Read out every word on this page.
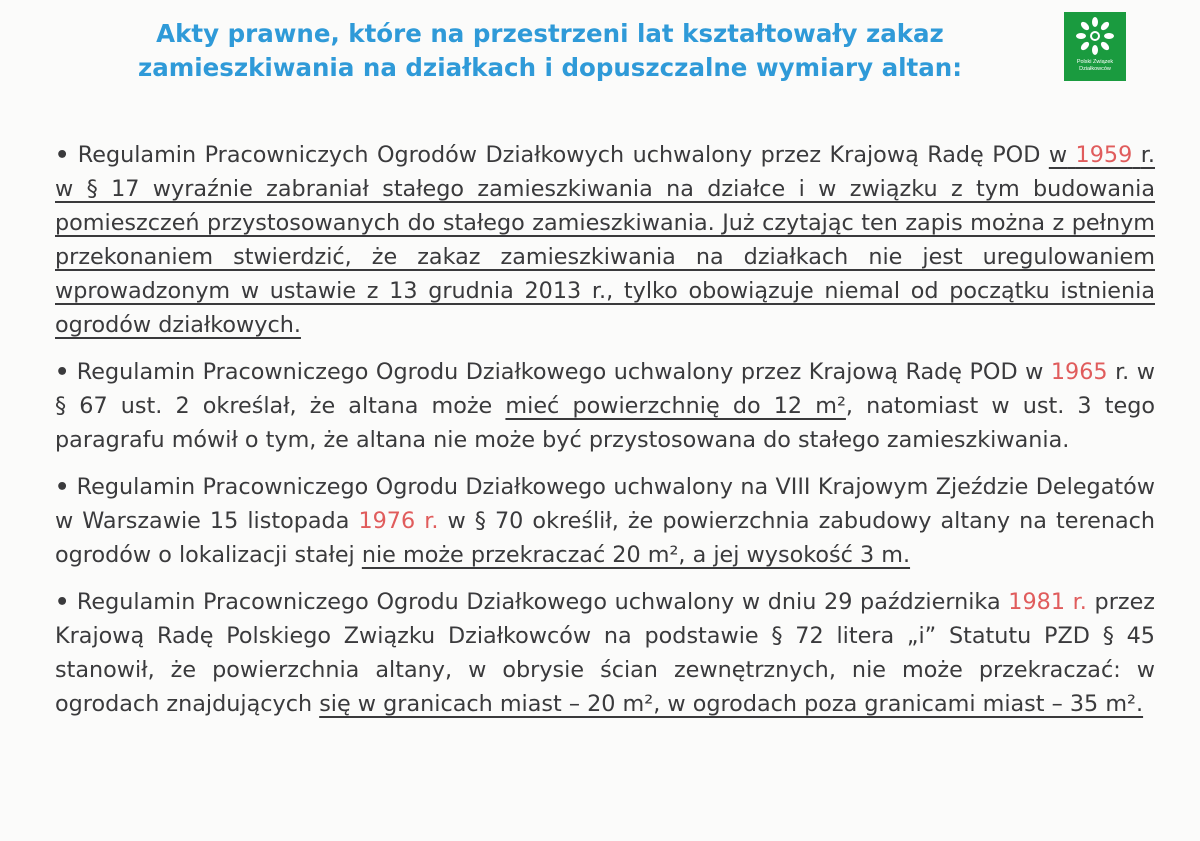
Akty prawne, które na przestrzeni lat kształtowały zakaz
zamieszkiwania na działkach i dopuszczalne wymiary altan:	Polski Związek Działkowców

• Regulamin Pracowniczych Ogrodów Działkowych uchwalony przez Krajową Radę POD w 1959 r. w § 17 wyraźnie zabraniał stałego zamieszkiwania na działce i w związku z tym budowania pomieszczeń przystosowanych do stałego zamieszkiwania. Już czytając ten zapis można z pełnym przekonaniem stwierdzić, że zakaz zamieszkiwania na działkach nie jest uregulowaniem wprowadzonym w ustawie z 13 grudnia 2013 r., tylko obowiązuje niemal od początku istnienia ogrodów działkowych.

• Regulamin Pracowniczego Ogrodu Działkowego uchwalony przez Krajową Radę POD w 1965 r. w § 67 ust. 2 określał, że altana może mieć powierzchnię do 12 m², natomiast w ust. 3 tego paragrafu mówił o tym, że altana nie może być przystosowana do stałego zamieszkiwania.

• Regulamin Pracowniczego Ogrodu Działkowego uchwalony na VIII Krajowym Zjeździe Delegatów w Warszawie 15 listopada 1976 r. w § 70 określił, że powierzchnia zabudowy altany na terenach ogrodów o lokalizacji stałej nie może przekraczać 20 m², a jej wysokość 3 m.

• Regulamin Pracowniczego Ogrodu Działkowego uchwalony w dniu 29 października 1981 r. przez Krajową Radę Polskiego Związku Działkowców na podstawie § 72 litera „i” Statutu PZD § 45 stanowił, że powierzchnia altany, w obrysie ścian zewnętrznych, nie może przekraczać: w ogrodach znajdujących się w granicach miast – 20 m², w ogrodach poza granicami miast – 35 m².
